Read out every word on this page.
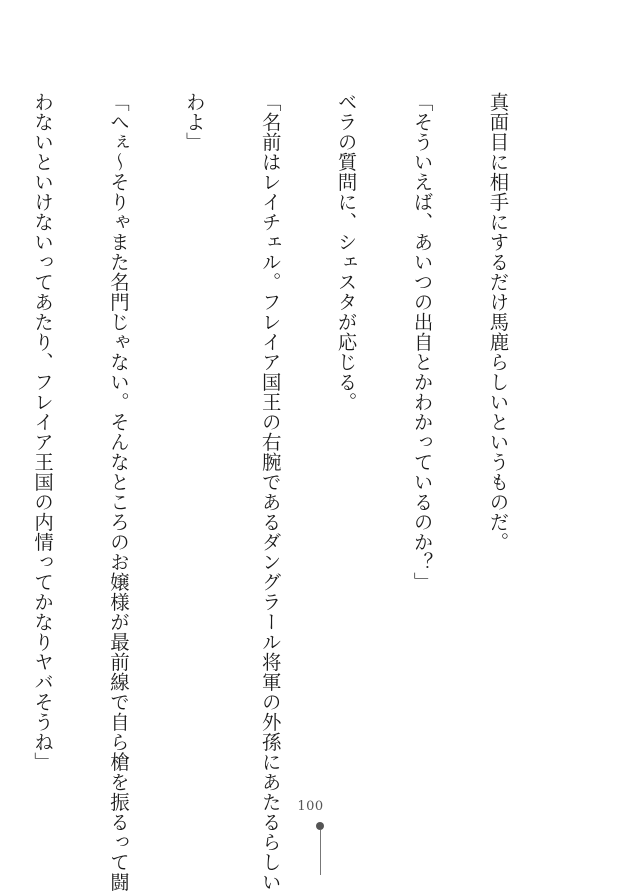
真面目に相手にするだけ馬鹿らしいというものだ。

「そういえば、あいつの出自とかわかっているのか？」

ベラの質問に、シェスタが応じる。

「名前はレイチェル。フレイア国王の右腕であるダングラール将軍の外孫にあたるらしい

わよ」

「へぇ～そりゃまた名門じゃない。そんなところのお嬢様が最前線で自ら槍を振るって闘

わないといけないってあたり、フレイア王国の内情ってかなりヤバそうね」

100
